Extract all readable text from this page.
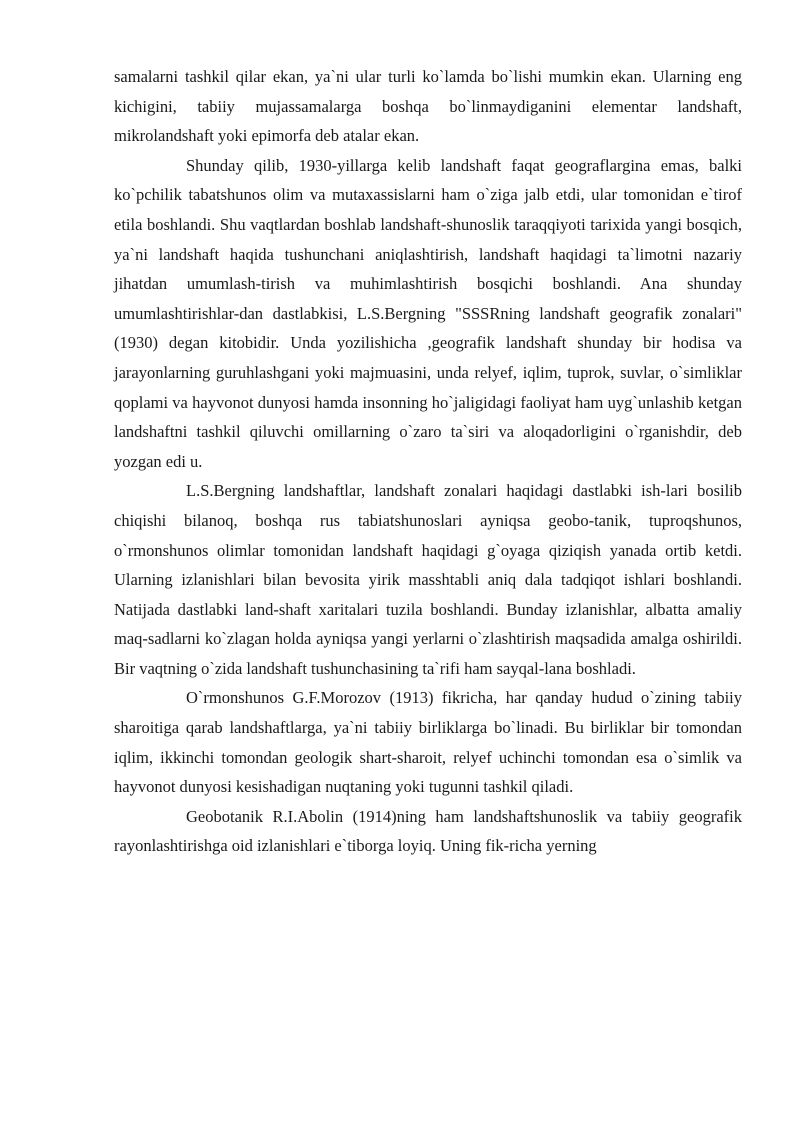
samalarni tashkil qilar ekan, ya`ni ular turli ko`lamda bo`lishi mumkin ekan. Ularning eng kichigini, tabiiy mujassamalarga boshqa bo`linmaydiganini elementar landshaft, mikrolandshaft yoki epimorfa deb atalar ekan.

Shunday qilib, 1930-yillarga kelib landshaft faqat geograflargina emas, balki ko`pchilik tabatshunos olim va mutaxassislarni ham o`ziga jalb etdi, ular tomonidan e`tirof etila boshlandi. Shu vaqtlardan boshlab landshaft-shunoslik taraqqiyoti tarixida yangi bosqich, ya`ni landshaft haqida tushunchani aniqlashtirish, landshaft haqidagi ta`limotni nazariy jihatdan umumlash-tirish va muhimlashtirish bosqichi boshlandi. Ana shunday umumlashtirishlar-dan dastlabkisi, L.S.Bergning "SSSRning landshaft geografik zonalari" (1930) degan kitobidir. Unda yozilishicha ,geografik landshaft shunday bir hodisa va jarayonlarning guruhlashgani yoki majmuasini, unda relyef, iqlim, tuprok, suvlar, o`simliklar qoplami va hayvonot dunyosi hamda insonning ho`jaligidagi faoliyat ham uyg`unlashib ketgan landshaftni tashkil qiluvchi omillarning o`zaro ta`siri va aloqadorligini o`rganishdir, deb yozgan edi u.

L.S.Bergning landshaftlar, landshaft zonalari haqidagi dastlabki ish-lari bosilib chiqishi bilanoq, boshqa rus tabiatshunoslari ayniqsa geobo-tanik, tuproqshunos, o`rmonshunos olimlar tomonidan landshaft haqidagi g`oyaga qiziqish yanada ortib ketdi. Ularning izlanishlari bilan bevosita yirik masshtabli aniq dala tadqiqot ishlari boshlandi. Natijada dastlabki land-shaft xaritalari tuzila boshlandi. Bunday izlanishlar, albatta amaliy maq-sadlarni ko`zlagan holda ayniqsa yangi yerlarni o`zlashtirish maqsadida amalga oshirildi. Bir vaqtning o`zida landshaft tushunchasining ta`rifi ham sayqal-lana boshladi.

O`rmonshunos G.F.Morozov (1913) fikricha, har qanday hudud o`zining tabiiy sharoitiga qarab landshaftlarga, ya`ni tabiiy birliklarga bo`linadi. Bu birliklar bir tomondan iqlim, ikkinchi tomondan geologik shart-sharoit, relyef uchinchi tomondan esa o`simlik va hayvonot dunyosi kesishadigan nuqtaning yoki tugunni tashkil qiladi.

Geobotanik R.I.Abolin (1914)ning ham landshaftshunoslik va tabiiy geografik rayonlashtirishga oid izlanishlari e`tiborga loyiq. Uning fik-richa yerning
